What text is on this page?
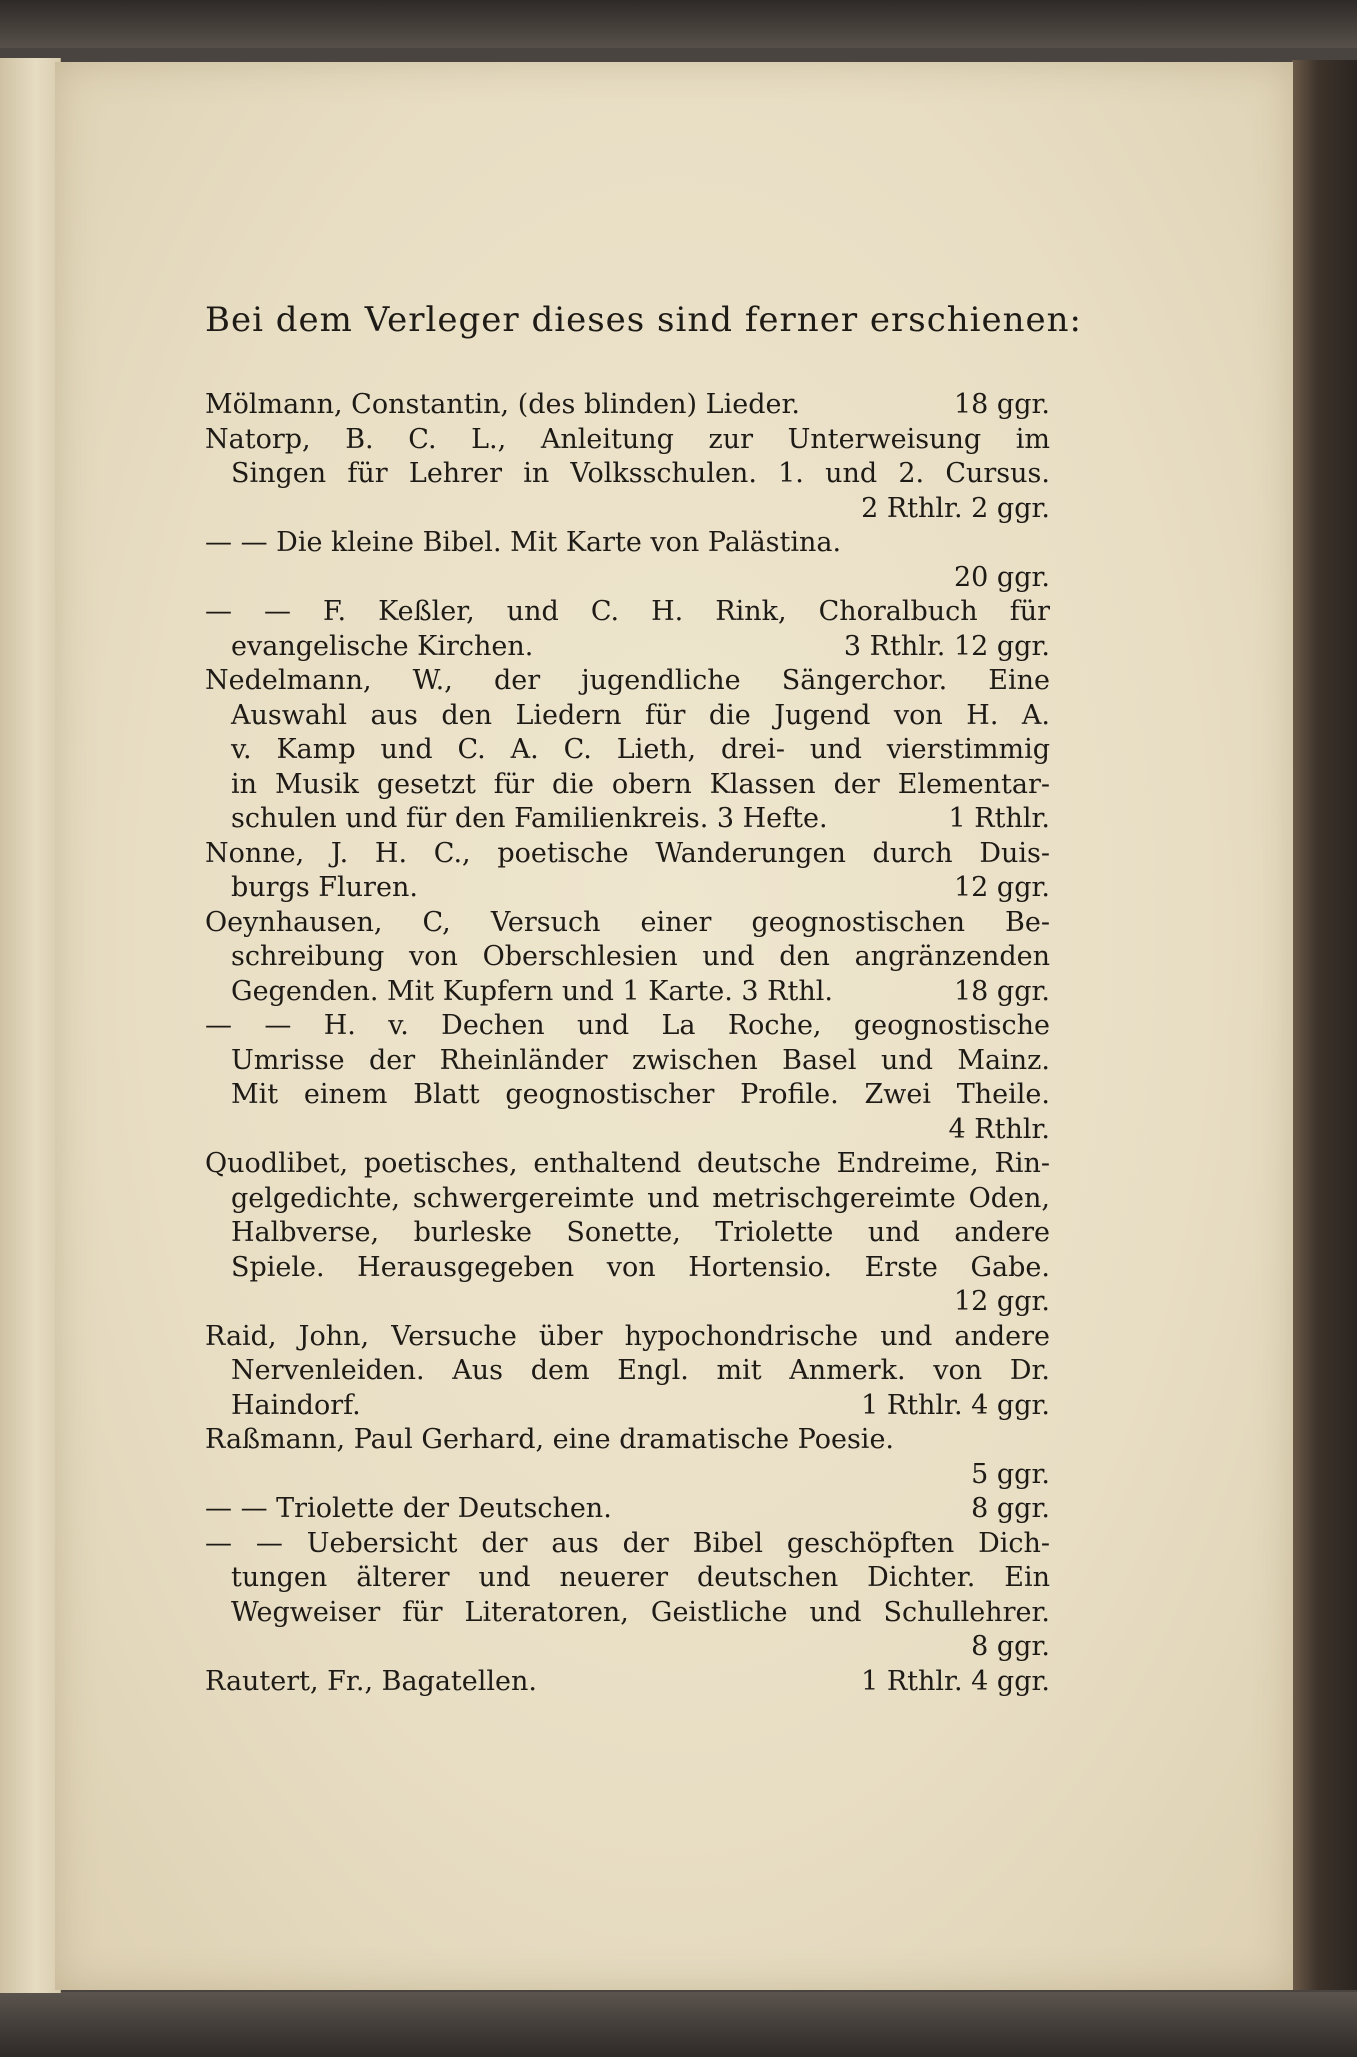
Bei dem Verleger dieses sind ferner erschienen:
Mölmann, Constantin, (des blinden) Lieder.	18 ggr.
Natorp, B. C. L., Anleitung zur Unterweisung im
Singen für Lehrer in Volksschulen. 1. und 2. Cursus.
2 Rthlr. 2 ggr.
— — Die kleine Bibel. Mit Karte von Palästina.
20 ggr.
— — F. Keßler, und C. H. Rink, Choralbuch für
evangelische Kirchen.	3 Rthlr. 12 ggr.
Nedelmann, W., der jugendliche Sängerchor. Eine
Auswahl aus den Liedern für die Jugend von H. A.
v. Kamp und C. A. C. Lieth, drei- und vierstimmig
in Musik gesetzt für die obern Klassen der Elementar-
schulen und für den Familienkreis. 3 Hefte.	1 Rthlr.
Nonne, J. H. C., poetische Wanderungen durch Duis-
burgs Fluren.	12 ggr.
Oeynhausen, C, Versuch einer geognostischen Be-
schreibung von Oberschlesien und den angränzenden
Gegenden. Mit Kupfern und 1 Karte. 3 Rthl.	18 ggr.
— — H. v. Dechen und La Roche, geognostische
Umrisse der Rheinländer zwischen Basel und Mainz.
Mit einem Blatt geognostischer Profile. Zwei Theile.
4 Rthlr.
Quodlibet, poetisches, enthaltend deutsche Endreime, Rin-
gelgedichte, schwergereimte und metrischgereimte Oden,
Halbverse, burleske Sonette, Triolette und andere
Spiele. Herausgegeben von Hortensio. Erste Gabe.
12 ggr.
Raid, John, Versuche über hypochondrische und andere
Nervenleiden. Aus dem Engl. mit Anmerk. von Dr.
Haindorf.	1 Rthlr. 4 ggr.
Raßmann, Paul Gerhard, eine dramatische Poesie.
5 ggr.
— — Triolette der Deutschen.	8 ggr.
— — Uebersicht der aus der Bibel geschöpften Dich-
tungen älterer und neuerer deutschen Dichter. Ein
Wegweiser für Literatoren, Geistliche und Schullehrer.
8 ggr.
Rautert, Fr., Bagatellen.	1 Rthlr. 4 ggr.
